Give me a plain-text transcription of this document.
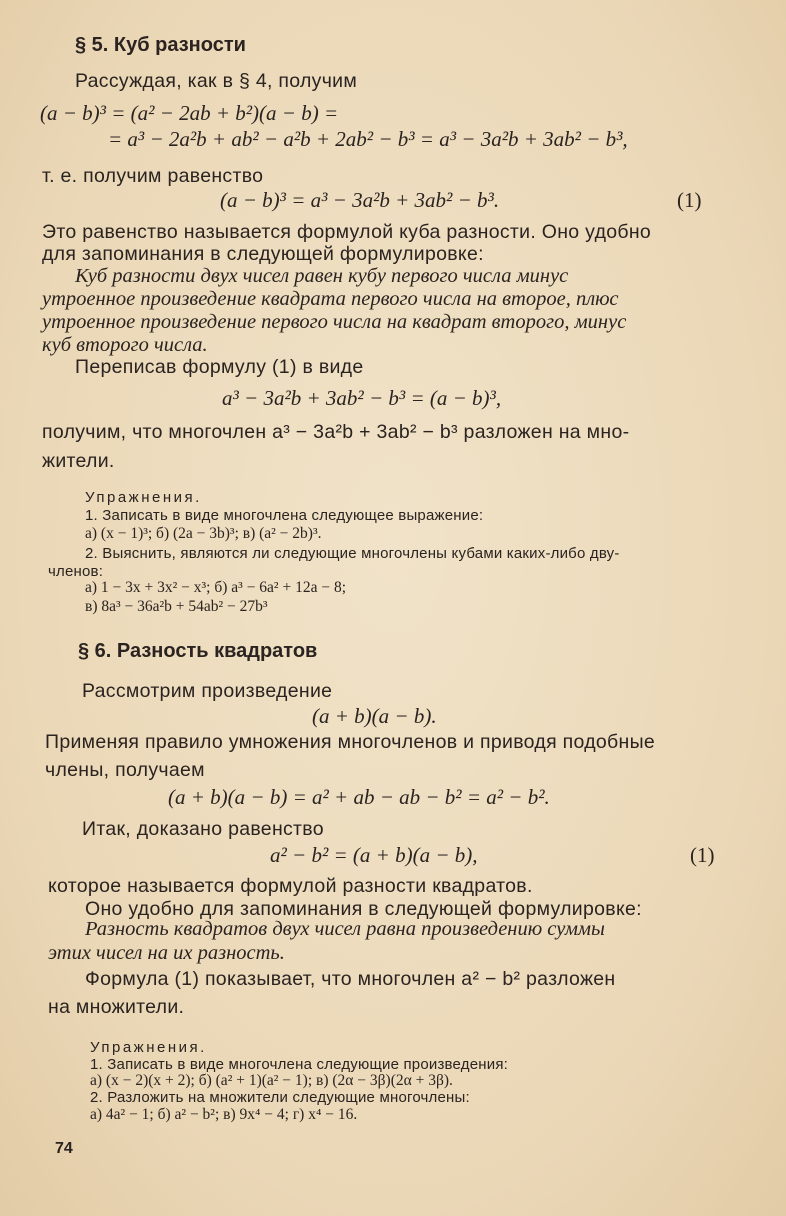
§ 5. Куб разности
Рассуждая, как в § 4, получим
(a − b)³ = (a² − 2ab + b²)(a − b) =
= a³ − 2a²b + ab² − a²b + 2ab² − b³ = a³ − 3a²b + 3ab² − b³,
т. е. получим равенство
(a − b)³ = a³ − 3a²b + 3ab² − b³.	(1)
Это равенство называется формулой куба разности. Оно удобно
для запоминания в следующей формулировке:
Куб разности двух чисел равен кубу первого числа минус
утроенное произведение квадрата первого числа на второе, плюс
утроенное произведение первого числа на квадрат второго, минус
куб второго числа.
Переписав формулу (1) в виде
a³ − 3a²b + 3ab² − b³ = (a − b)³,
получим, что многочлен a³ − 3a²b + 3ab² − b³ разложен на мно-
жители.
Упражнения.
1. Записать в виде многочлена следующее выражение:
а) (x − 1)³; б) (2a − 3b)³; в) (a² − 2b)³.
2. Выяснить, являются ли следующие многочлены кубами каких-либо дву-
членов:
а) 1 − 3x + 3x² − x³; б) a³ − 6a² + 12a − 8;
в) 8a³ − 36a²b + 54ab² − 27b³
§ 6. Разность квадратов
Рассмотрим произведение
(a + b)(a − b).
Применяя правило умножения многочленов и приводя подобные
члены, получаем
(a + b)(a − b) = a² + ab − ab − b² = a² − b².
Итак, доказано равенство
a² − b² = (a + b)(a − b),	(1)
которое называется формулой разности квадратов.
Оно удобно для запоминания в следующей формулировке:
Разность квадратов двух чисел равна произведению суммы
этих чисел на их разность.
Формула (1) показывает, что многочлен a² − b² разложен
на множители.
Упражнения.
1. Записать в виде многочлена следующие произведения:
а) (x − 2)(x + 2); б) (a² + 1)(a² − 1); в) (2α − 3β)(2α + 3β).
2. Разложить на множители следующие многочлены:
а) 4a² − 1; б) a² − b²; в) 9x⁴ − 4; г) x⁴ − 16.
74
